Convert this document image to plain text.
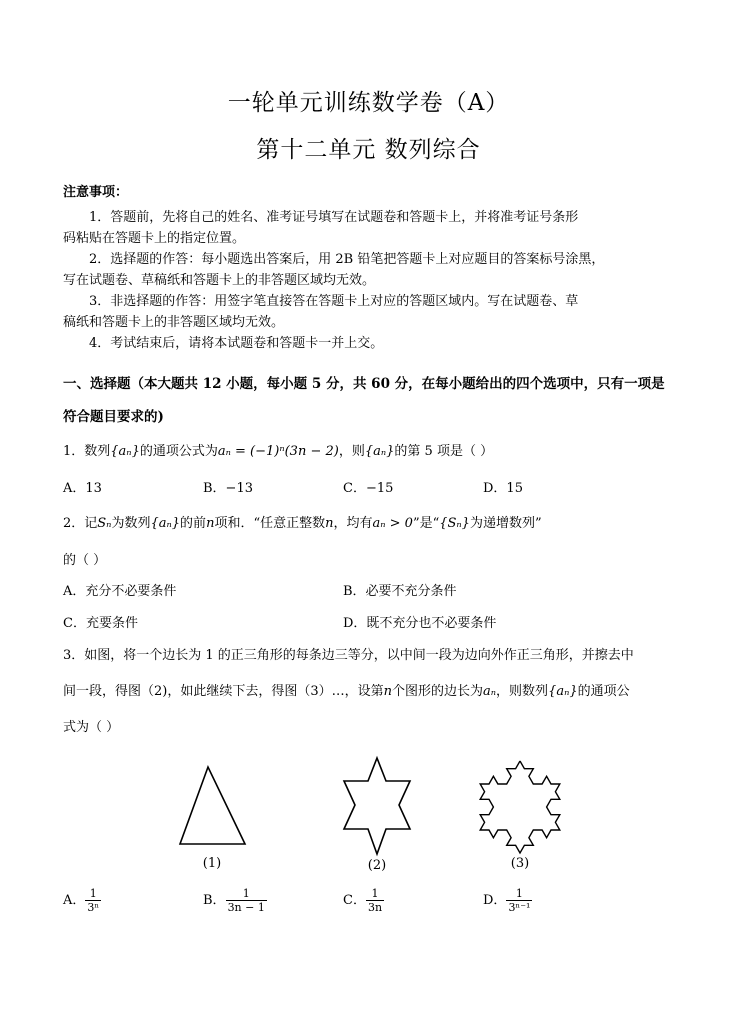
一轮单元训练数学卷（A）
第十二单元 数列综合
注意事项：
1．答题前，先将自己的姓名、准考证号填写在试题卷和答题卡上，并将准考证号条形
码粘贴在答题卡上的指定位置。
2．选择题的作答：每小题选出答案后，用 2B 铅笔把答题卡上对应题目的答案标号涂黑，
写在试题卷、草稿纸和答题卡上的非答题区域均无效。
3．非选择题的作答：用签字笔直接答在答题卡上对应的答题区域内。写在试题卷、草
稿纸和答题卡上的非答题区域均无效。
4．考试结束后，请将本试题卷和答题卡一并上交。
一、选择题（本大题共 12 小题，每小题 5 分，共 60 分，在每小题给出的四个选项中，只有一项是
符合题目要求的)
1．数列{aₙ}的通项公式为aₙ = (−1)ⁿ(3n − 2)，则{aₙ}的第 5 项是（ ）
A．13	B．−13	C．−15	D．15
2．记Sₙ为数列{aₙ}的前n项和．“任意正整数n，均有aₙ > 0”是“{Sₙ}为递增数列”
的（ ）
A．充分不必要条件	B．必要不充分条件
C．充要条件	D．既不充分也不必要条件
3．如图，将一个边长为 1 的正三角形的每条边三等分，以中间一段为边向外作正三角形，并擦去中
间一段，得图（2)，如此继续下去，得图（3）…，设第n个图形的边长为aₙ，则数列{aₙ}的通项公
式为（ ）
(1)	(2)	(3)
A． $\frac{1}{\text{3ⁿ}}$	B． $\frac{1}{3n - 1}$	C． $\frac{1}{3n}$	D． $\frac{1}{\text{3ⁿ⁻¹}}$
